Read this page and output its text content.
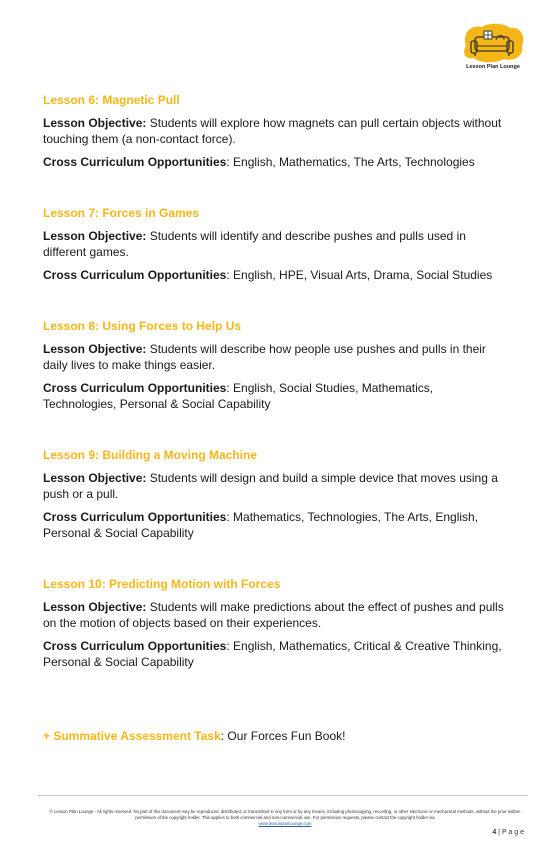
Lesson Plan Lounge
Lesson 6: Magnetic Pull

Lesson Objective: Students will explore how magnets can pull certain objects without touching them (a non-contact force).

Cross Curriculum Opportunities: English, Mathematics, The Arts, Technologies

Lesson 7: Forces in Games

Lesson Objective: Students will identify and describe pushes and pulls used in different games.

Cross Curriculum Opportunities: English, HPE, Visual Arts, Drama, Social Studies

Lesson 8: Using Forces to Help Us

Lesson Objective: Students will describe how people use pushes and pulls in their daily lives to make things easier.

Cross Curriculum Opportunities: English, Social Studies, Mathematics, Technologies, Personal & Social Capability

Lesson 9: Building a Moving Machine

Lesson Objective: Students will design and build a simple device that moves using a push or a pull.

Cross Curriculum Opportunities: Mathematics, Technologies, The Arts, English, Personal & Social Capability

Lesson 10: Predicting Motion with Forces

Lesson Objective: Students will make predictions about the effect of pushes and pulls on the motion of objects based on their experiences.

Cross Curriculum Opportunities: English, Mathematics, Critical & Creative Thinking, Personal & Social Capability

+ Summative Assessment Task: Our Forces Fun Book!

© Lesson Plan Lounge - All rights reserved. No part of this document may be reproduced, distributed, or transmitted in any form or by any means, including photocopying, recording, or other electronic or mechanical methods, without the prior written permission of the copyright holder. This applies to both commercial and non-commercial use. For permission requests, please contact the copyright holder via
www.lessonplanlounge.com
4 | P a g e
